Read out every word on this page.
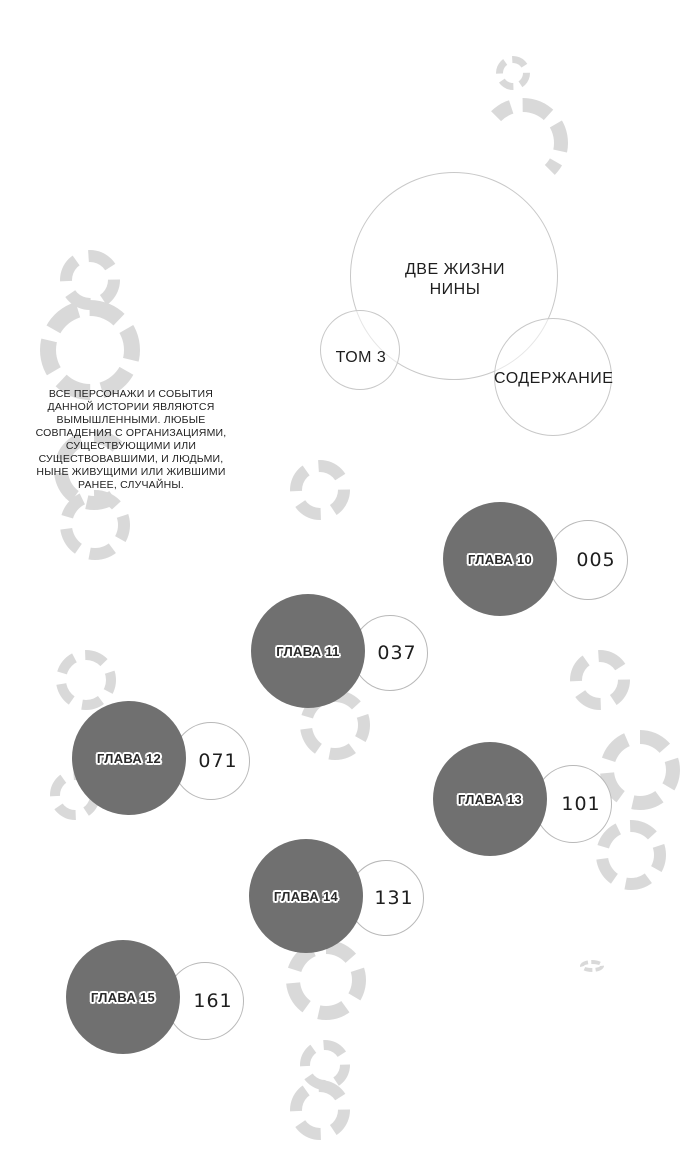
ДВЕ ЖИЗНИ
НИНЫ
ТОМ 3
СОДЕРЖАНИЕ
ВСЕ ПЕРСОНАЖИ И СОБЫТИЯ
ДАННОЙ ИСТОРИИ ЯВЛЯЮТСЯ
ВЫМЫШЛЕННЫМИ. ЛЮБЫЕ
СОВПАДЕНИЯ С ОРГАНИЗАЦИЯМИ,
СУЩЕСТВУЮЩИМИ ИЛИ
СУЩЕСТВОВАВШИМИ, И ЛЮДЬМИ,
НЫНЕ ЖИВУЩИМИ ИЛИ ЖИВШИМИ
РАНЕЕ, СЛУЧАЙНЫ.
005
ГЛАВА 10
037
ГЛАВА 11
071
ГЛАВА 12
101
ГЛАВА 13
131
ГЛАВА 14
161
ГЛАВА 15
